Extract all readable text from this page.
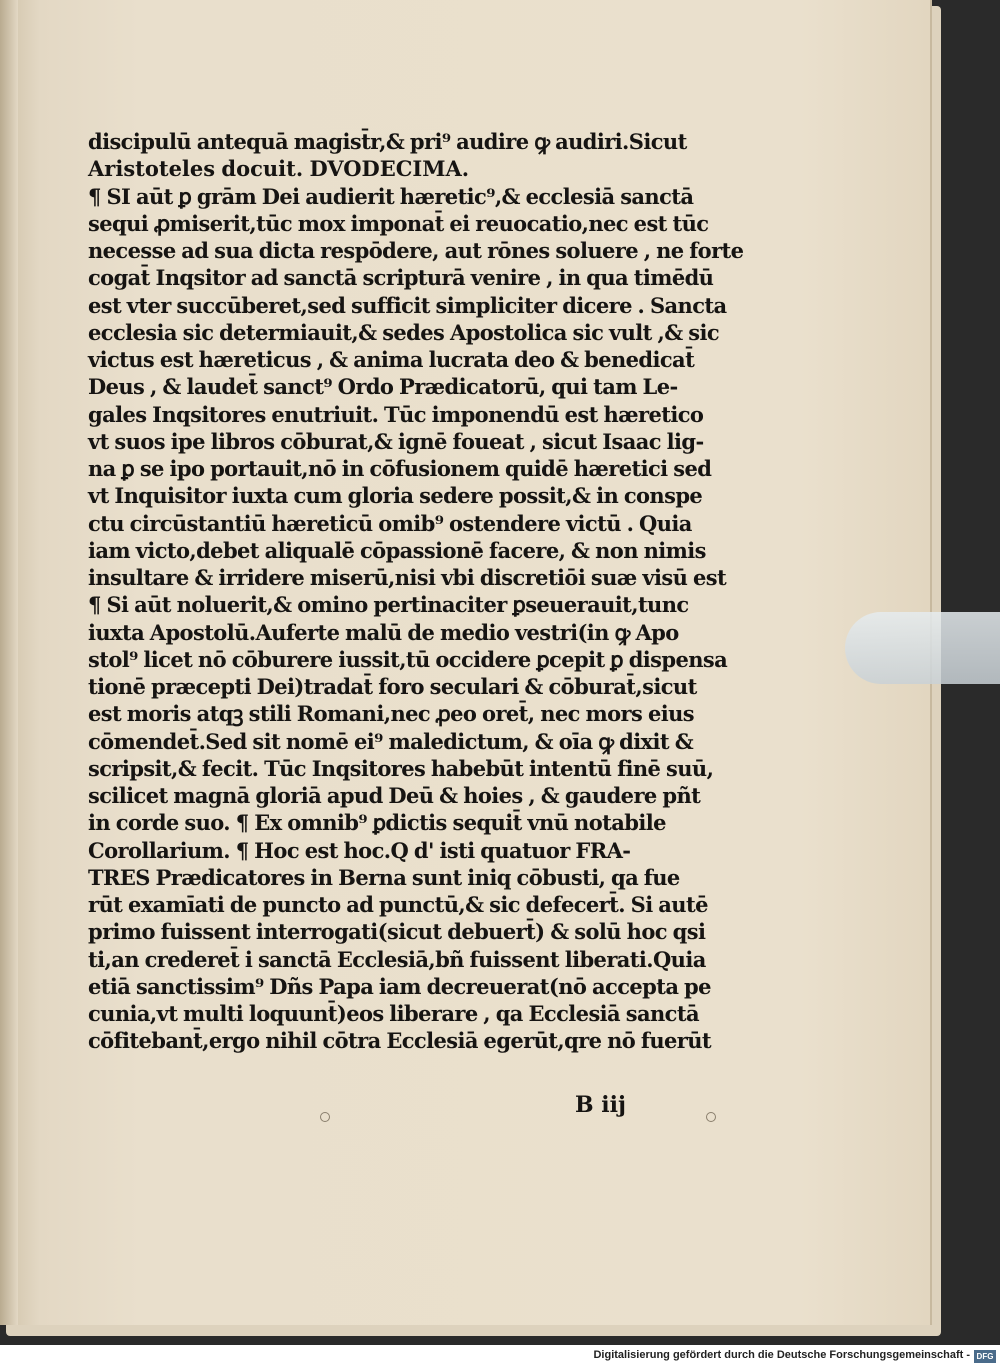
discipulū antequā magist̄r,& pri⁹ audire ꝙ audiri.Sicut
Aristoteles docuit. DVODECIMA.
¶ SI aūt ꝑ grām Dei audierit hæretic⁹,& ecclesiā sanctā
sequi ꝓmiserit,tūc mox imponat̄ ei reuocatio,nec est tūc
necesse ad sua dicta respōdere, aut rōnes soluere , ne forte
cogat̄ Inqsitor ad sanctā scripturā venire , in qua timēdū
est vter succūberet,sed sufficit simpliciter dicere . Sancta
ecclesia sic determiauit,& sedes Apostolica sic vult ,& sic
victus est hæreticus , & anima lucrata deo & benedicat̄
Deus , & laudet̄ sanct⁹ Ordo Prædicatorū, qui tam Le-
gales Inqsitores enutriuit. Tūc imponendū est hæretico
vt suos ipe libros cōburat,& ignē foueat , sicut Isaac lig-
na ꝑ se ipo portauit,nō in cōfusionem quidē hæretici sed
vt Inquisitor iuxta cum gloria sedere possit,& in conspe
ctu circūstantiū hæreticū omib⁹ ostendere victū . Quia
iam victo,debet aliqualē cōpassionē facere, & non nimis
insultare & irridere miserū,nisi vbi discretiōi suæ visū est
¶ Si aūt noluerit,& omino pertinaciter ꝑseuerauit,tunc
iuxta Apostolū.Auferte malū de medio vestri(in ꝙ Apo
stol⁹ licet nō cōburere iussit,tū occidere ꝑcepit ꝑ dispensa
tionē præcepti Dei)tradat̄ foro seculari & cōburat̄,sicut
est moris atqꝫ stili Romani,nec ꝓeo oret̄, nec mors eius
cōmendet̄.Sed sit nomē ei⁹ maledictum, & oīa ꝙ dixit &
scripsit,& fecit. Tūc Inqsitores habebūt intentū finē suū,
scilicet magnā gloriā apud Deū & hoies , & gaudere pñt
in corde suo. ¶ Ex omnib⁹ ꝑdictis sequit̄ vnū notabile
Corollarium. ¶ Hoc est hoc.Q d' isti quatuor FRA-
TRES Prædicatores in Berna sunt iniq cōbusti, qa fue
rūt examīati de puncto ad punctū,& sic defecert̄. Si autē
primo fuissent interrogati(sicut debuert̄) & solū hoc qsi
ti,an crederet̄ i sanctā Ecclesiā,bñ fuissent liberati.Quia
etiā sanctissim⁹ Dñs Papa iam decreuerat(nō accepta pe
cunia,vt multi loquunt̄)eos liberare , qa Ecclesiā sanctā
cōfitebant̄,ergo nihil cōtra Ecclesiā egerūt,qre nō fuerūt
B iij
Digitalisierung gefördert durch die Deutsche Forschungsgemeinschaft - DFG
